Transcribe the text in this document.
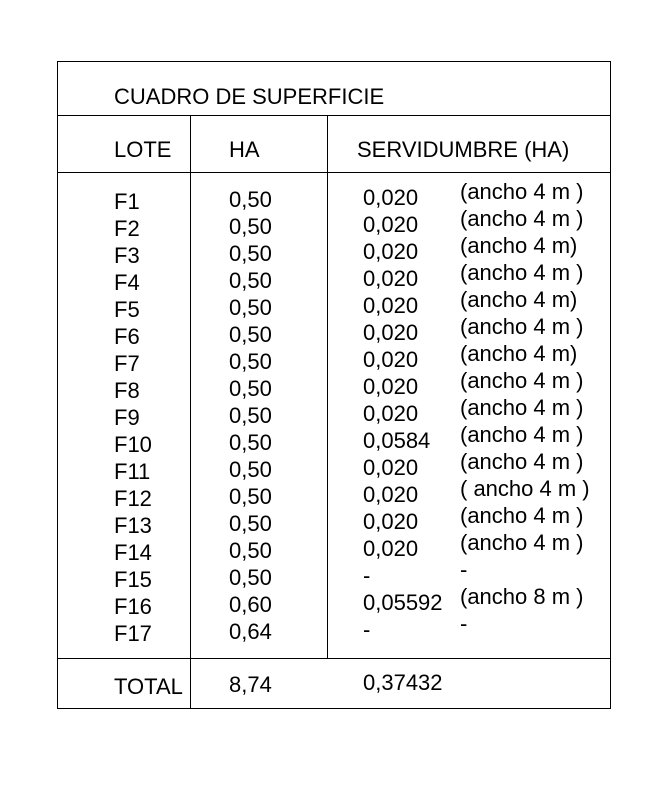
CUADRO DE SUPERFICIE
LOTE	HA	SERVIDUMBRE (HA)
F1	0,50	0,020 (ancho 4 m )
F2	0,50	0,020 (ancho 4 m )
F3	0,50	0,020 (ancho 4 m)
F4	0,50	0,020 (ancho 4 m )
F5	0,50	0,020 (ancho 4 m)
F6	0,50	0,020 (ancho 4 m )
F7	0,50	0,020 (ancho 4 m)
F8	0,50	0,020 (ancho 4 m )
F9	0,50	0,020 (ancho 4 m )
F10	0,50	0,0584 (ancho 4 m )
F11	0,50	0,020 (ancho 4 m )
F12	0,50	0,020 ( ancho 4 m )
F13	0,50	0,020 (ancho 4 m )
F14	0,50	0,020 (ancho 4 m )
F15	0,50	-	-
F16	0,60	0,05592 (ancho 8 m )
F17	0,64	-	-
TOTAL 8,74	0,37432
